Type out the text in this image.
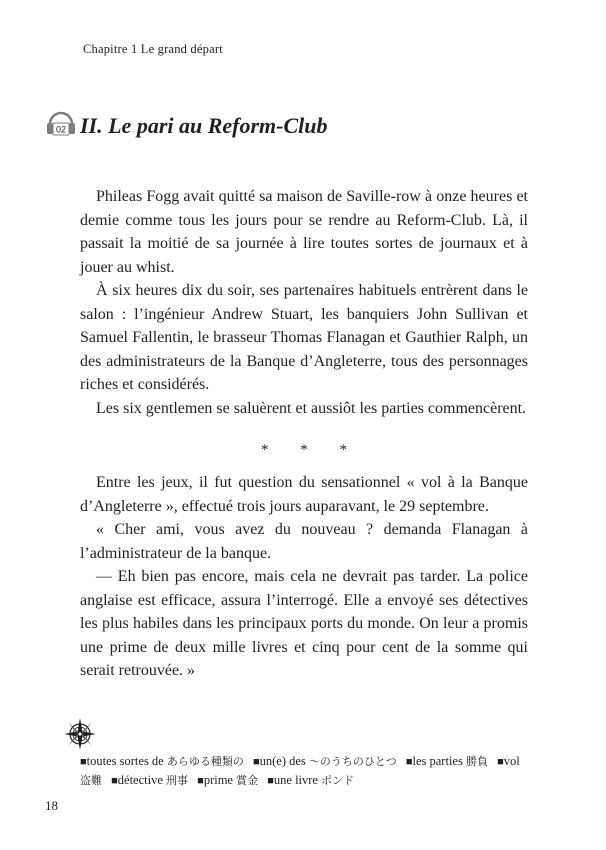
Chapitre 1 Le grand départ
02 II. Le pari au Reform-Club

Phileas Fogg avait quitté sa maison de Saville-row à onze heures et demie comme tous les jours pour se rendre au Reform-Club. Là, il passait la moitié de sa journée à lire toutes sortes de journaux et à jouer au whist.

À six heures dix du soir, ses partenaires habituels entrèrent dans le salon : l’ingénieur Andrew Stuart, les banquiers John Sullivan et Samuel Fallentin, le brasseur Thomas Flanagan et Gauthier Ralph, un des administrateurs de la Banque d’Angleterre, tous des personnages riches et considérés.

Les six gentlemen se saluèrent et aussiôt les parties commencèrent.

* * *

Entre les jeux, il fut question du sensationnel « vol à la Banque d’Angleterre », effectué trois jours auparavant, le 29 septembre.

« Cher ami, vous avez du nouveau ? demanda Flanagan à l’administrateur de la banque.

— Eh bien pas encore, mais cela ne devrait pas tarder. La police anglaise est efficace, assura l’interrogé. Elle a envoyé ses détectives les plus habiles dans les principaux ports du monde. On leur a promis une prime de deux mille livres et cinq pour cent de la somme qui serait retrouvée. »

■toutes sortes de あらゆる種類の ■un(e) des 〜のうちのひとつ ■les parties 勝負 ■vol 盗難 ■détective 刑事 ■prime 賞金 ■une livre ポンド
18
